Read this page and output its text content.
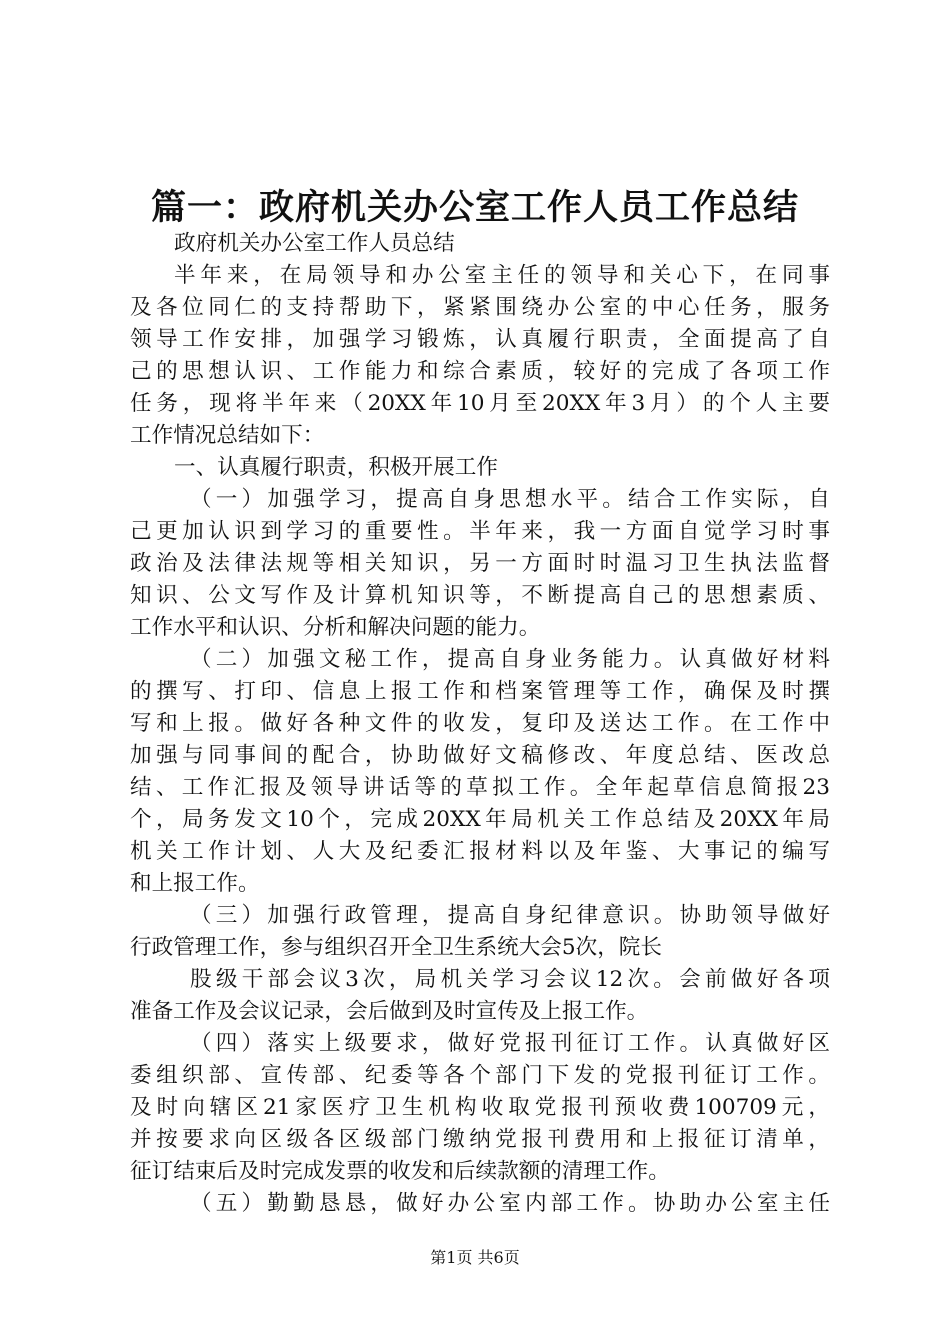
篇一：政府机关办公室工作人员工作总结
政府机关办公室工作人员总结
半年来，在局领导和办公室主任的领导和关心下，在同事
及各位同仁的支持帮助下，紧紧围绕办公室的中心任务，服务
领导工作安排，加强学习锻炼，认真履行职责，全面提高了自
己的思想认识、工作能力和综合素质，较好的完成了各项工作
任务，现将半年来（20XX年10月至20XX年3月）的个人主要
工作情况总结如下：
一、认真履行职责，积极开展工作
（一）加强学习，提高自身思想水平。结合工作实际，自
己更加认识到学习的重要性。半年来，我一方面自觉学习时事
政治及法律法规等相关知识，另一方面时时温习卫生执法监督
知识、公文写作及计算机知识等，不断提高自己的思想素质、
工作水平和认识、分析和解决问题的能力。
（二）加强文秘工作，提高自身业务能力。认真做好材料
的撰写、打印、信息上报工作和档案管理等工作，确保及时撰
写和上报。做好各种文件的收发，复印及送达工作。在工作中
加强与同事间的配合，协助做好文稿修改、年度总结、医改总
结、工作汇报及领导讲话等的草拟工作。全年起草信息简报23
个，局务发文10个，完成20XX年局机关工作总结及20XX年局
机关工作计划、人大及纪委汇报材料以及年鉴、大事记的编写
和上报工作。
（三）加强行政管理，提高自身纪律意识。协助领导做好
行政管理工作，参与组织召开全卫生系统大会5次，院长
股级干部会议3次，局机关学习会议12次。会前做好各项
准备工作及会议记录，会后做到及时宣传及上报工作。
（四）落实上级要求，做好党报刊征订工作。认真做好区
委组织部、宣传部、纪委等各个部门下发的党报刊征订工作。
及时向辖区21家医疗卫生机构收取党报刊预收费100709元，
并按要求向区级各区级部门缴纳党报刊费用和上报征订清单，
征订结束后及时完成发票的收发和后续款额的清理工作。
（五）勤勤恳恳，做好办公室内部工作。协助办公室主任
第1页 共6页
